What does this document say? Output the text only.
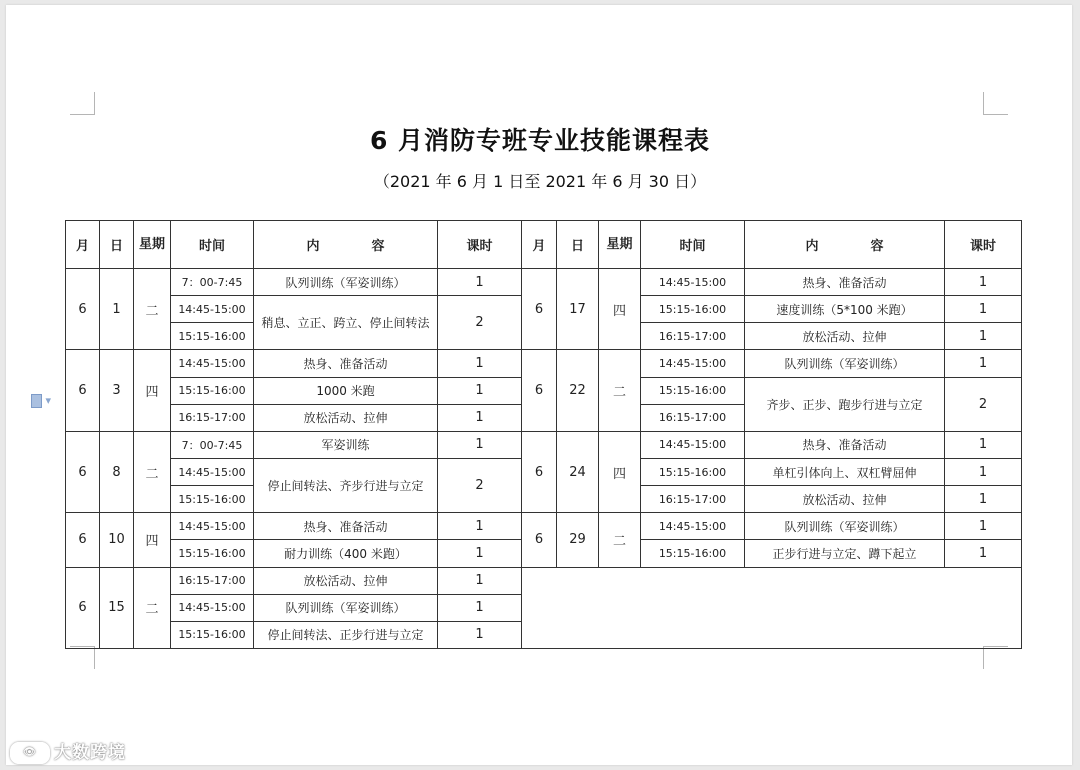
▾
6 月消防专班专业技能课程表
（2021 年 6 月 1 日至 2021 年 6 月 30 日）
月	日	星期	时间	内　　　　容	课时	月	日	星期	时间	内　　　　容	课时
6	1	二	7：00-7:45	队列训练（军姿训练）	1	6	17	四	14:45-15:00	热身、准备活动	1
			14:45-15:00	稍息、立正、跨立、停止间转法	2				15:15-16:00	速度训练（5*100 米跑）	1
			15:15-16:00						16:15-17:00	放松活动、拉伸	1
6	3	四	14:45-15:00	热身、准备活动	1	6	22	二	14:45-15:00	队列训练（军姿训练）	1
			15:15-16:00	1000 米跑	1				15:15-16:00	齐步、正步、跑步行进与立定	2
			16:15-17:00	放松活动、拉伸	1				16:15-17:00		
6	8	二	7：00-7:45	军姿训练	1	6	24	四	14:45-15:00	热身、准备活动	1
			14:45-15:00	停止间转法、齐步行进与立定	2				15:15-16:00	单杠引体向上、双杠臂屈伸	1
			15:15-16:00						16:15-17:00	放松活动、拉伸	1
6	10	四	14:45-15:00	热身、准备活动	1	6	29	二	14:45-15:00	队列训练（军姿训练）	1
			15:15-16:00	耐力训练（400 米跑）	1				15:15-16:00	正步行进与立定、蹲下起立	1
6	15	二	16:15-17:00	放松活动、拉伸	1						
			14:45-15:00	队列训练（军姿训练）	1						
			15:15-16:00	停止间转法、正步行进与立定	1						
👁 大数跨境
